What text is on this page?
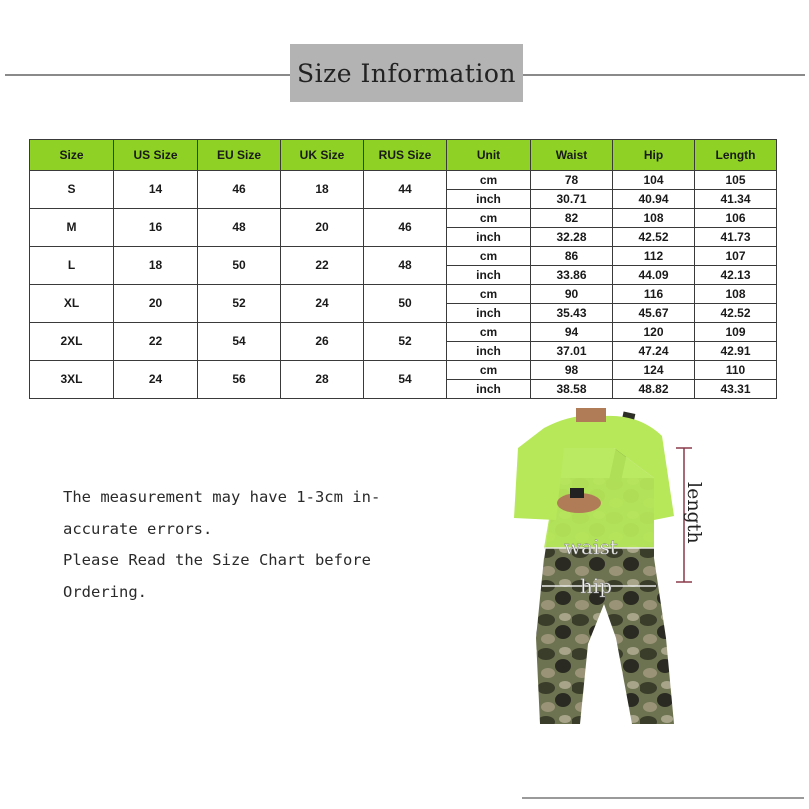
Size Information
Size	US Size	EU Size	UK Size	RUS Size	Unit	Waist	Hip	Length
S	14	46	18	44	cm	78	104	105
					inch	30.71	40.94	41.34
M	16	48	20	46	cm	82	108	106
					inch	32.28	42.52	41.73
L	18	50	22	48	cm	86	112	107
					inch	33.86	44.09	42.13
XL	20	52	24	50	cm	90	116	108
					inch	35.43	45.67	42.52
2XL	22	54	26	52	cm	94	120	109
					inch	37.01	47.24	42.91
3XL	24	56	28	54	cm	98	124	110
					inch	38.58	48.82	43.31
The measurement may have 1-3cm in-
accurate errors.
Please Read the Size Chart before
Ordering.
waist
hip
length
